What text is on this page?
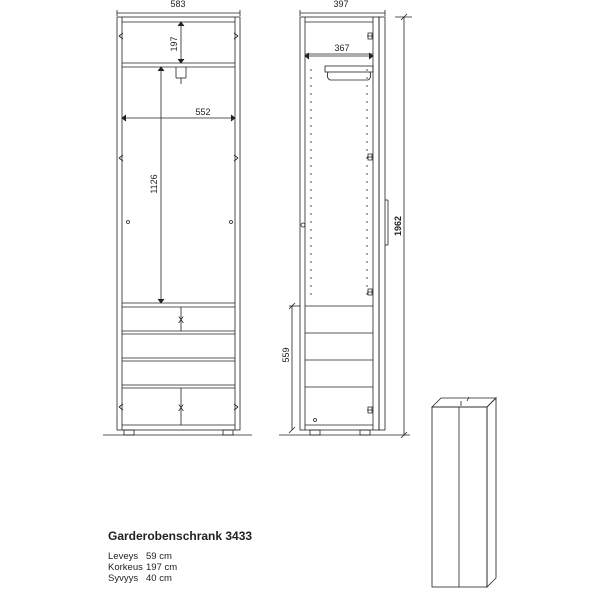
583
197
552
1126
X
X
397
367
1962
559
Garderobenschrank 3433
Leveys 59 cm
Korkeus 197 cm
Syvyys 40 cm
